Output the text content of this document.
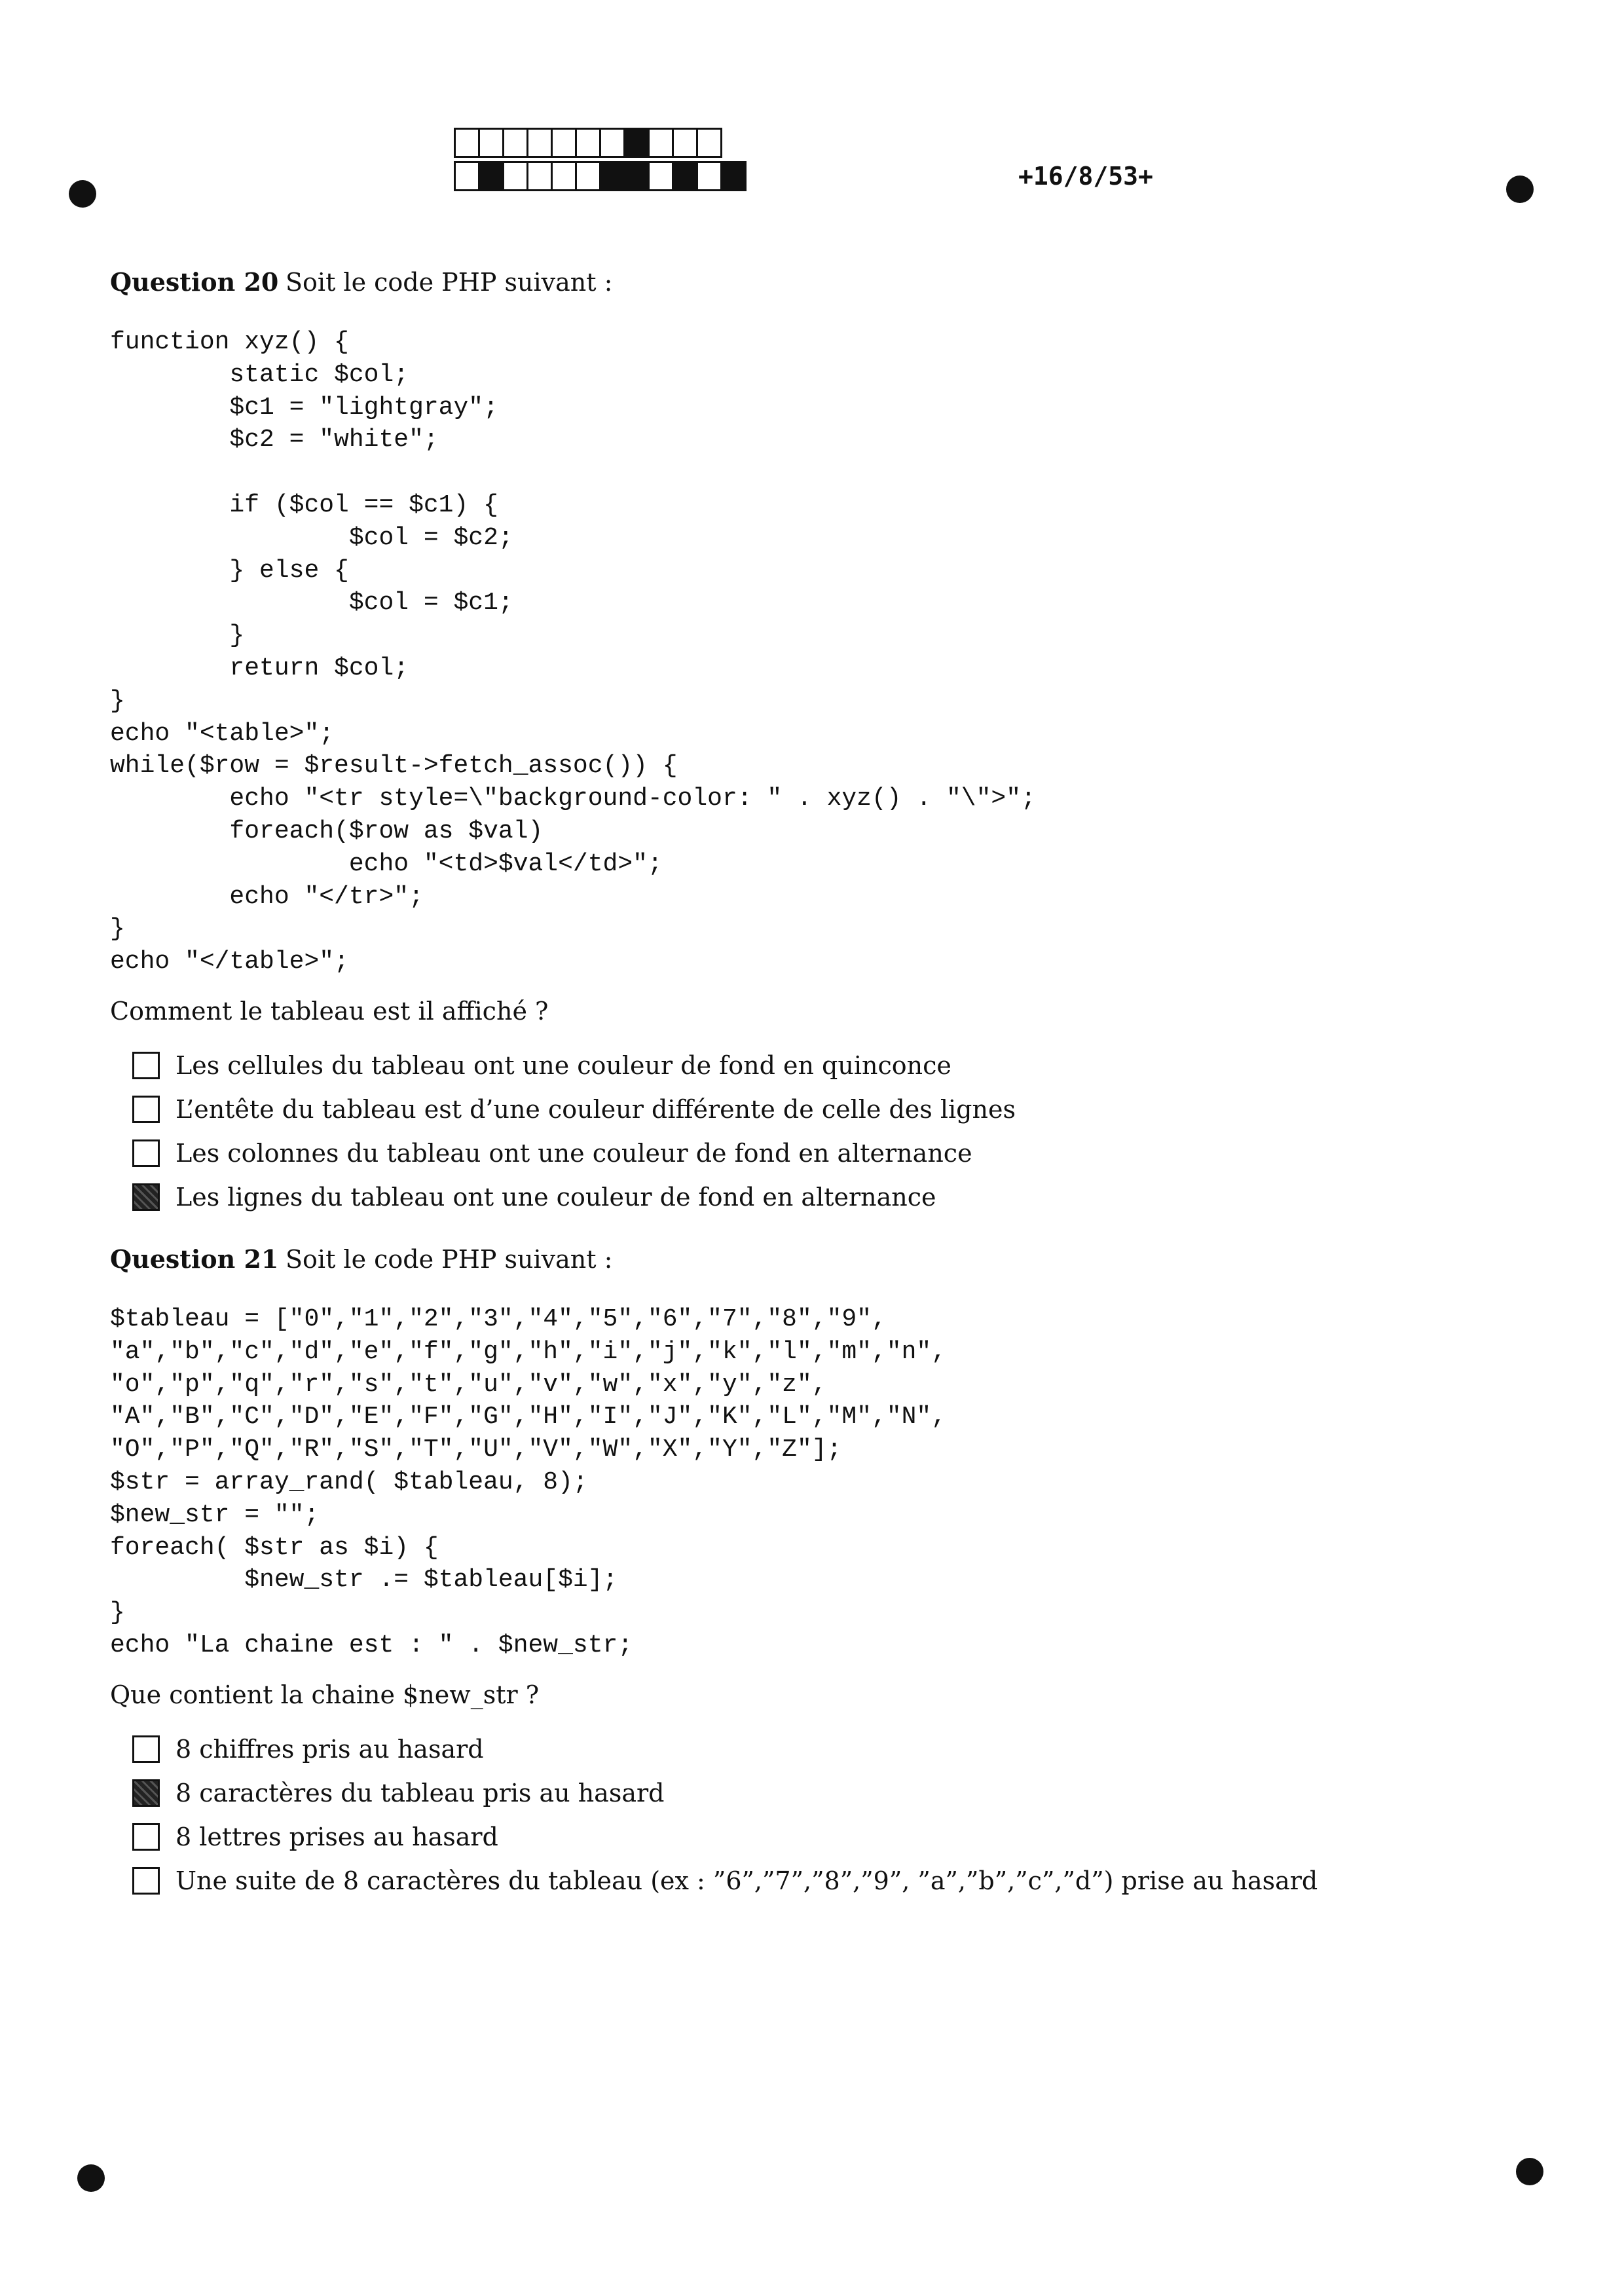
+16/8/53+

Question 20 Soit le code PHP suivant :

function xyz() {
static $col;
$c1 = "lightgray";
$c2 = "white";
if ($col == $c1) {
$col = $c2;
} else {
$col = $c1;
}
return $col;
}
echo "<table>";
while($row = $result->fetch_assoc()) {
echo "<tr style=\"background-color: " . xyz() . "\">";
foreach($row as $val)
echo "<td>$val</td>";
echo "</tr>";
}
echo "</table>";

Comment le tableau est il affiché ?

Les cellules du tableau ont une couleur de fond en quinconce
L’entête du tableau est d’une couleur différente de celle des lignes
Les colonnes du tableau ont une couleur de fond en alternance
Les lignes du tableau ont une couleur de fond en alternance

Question 21 Soit le code PHP suivant :

$tableau = ["0","1","2","3","4","5","6","7","8","9",
"a","b","c","d","e","f","g","h","i","j","k","l","m","n",
"o","p","q","r","s","t","u","v","w","x","y","z",
"A","B","C","D","E","F","G","H","I","J","K","L","M","N",
"O","P","Q","R","S","T","U","V","W","X","Y","Z"];
$str = array_rand( $tableau, 8);
$new_str = "";
foreach( $str as $i) {
$new_str .= $tableau[$i];
}
echo "La chaine est : " . $new_str;

Que contient la chaine $new_str ?

8 chiffres pris au hasard
8 caractères du tableau pris au hasard
8 lettres prises au hasard
Une suite de 8 caractères du tableau (ex : ”6”,”7”,”8”,”9”, ”a”,”b”,”c”,”d”) prise au hasard
